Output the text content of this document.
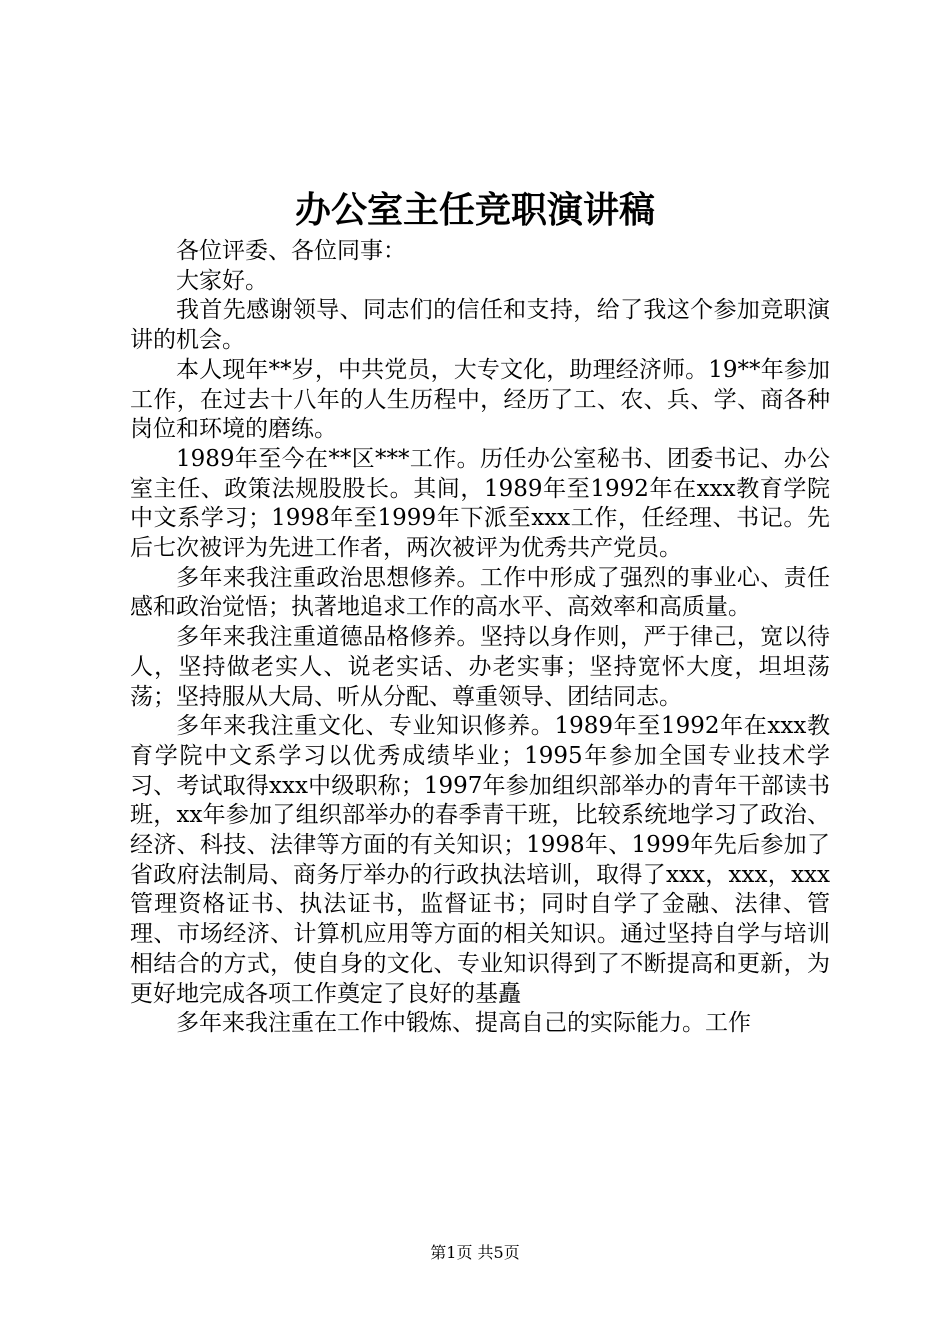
办公室主任竞职演讲稿

各位评委、各位同事：

大家好。

我首先感谢领导、同志们的信任和支持，给了我这个参加竞职演讲的机会。

本人现年**岁，中共党员，大专文化，助理经济师。19**年参加工作，在过去十八年的人生历程中，经历了工、农、兵、学、商各种岗位和环境的磨练。

1989年至今在**区***工作。历任办公室秘书、团委书记、办公室主任、政策法规股股长。其间，1989年至1992年在xxx教育学院中文系学习；1998年至1999年下派至xxx工作，任经理、书记。先后七次被评为先进工作者，两次被评为优秀共产党员。

多年来我注重政治思想修养。工作中形成了强烈的事业心、责任感和政治觉悟；执著地追求工作的高水平、高效率和高质量。

多年来我注重道德品格修养。坚持以身作则，严于律己，宽以待人，坚持做老实人、说老实话、办老实事；坚持宽怀大度，坦坦荡荡；坚持服从大局、听从分配、尊重领导、团结同志。

多年来我注重文化、专业知识修养。1989年至1992年在xxx教育学院中文系学习以优秀成绩毕业；1995年参加全国专业技术学习、考试取得xxx中级职称；1997年参加组织部举办的青年干部读书班，xx年参加了组织部举办的春季青干班，比较系统地学习了政治、经济、科技、法律等方面的有关知识；1998年、1999年先后参加了省政府法制局、商务厅举办的行政执法培训，取得了xxx，xxx，xxx管理资格证书、执法证书，监督证书；同时自学了金融、法律、管理、市场经济、计算机应用等方面的相关知识。通过坚持自学与培训相结合的方式，使自身的文化、专业知识得到了不断提高和更新，为更好地完成各项工作奠定了良好的基矗

多年来我注重在工作中锻炼、提高自己的实际能力。工作

第1页 共5页
